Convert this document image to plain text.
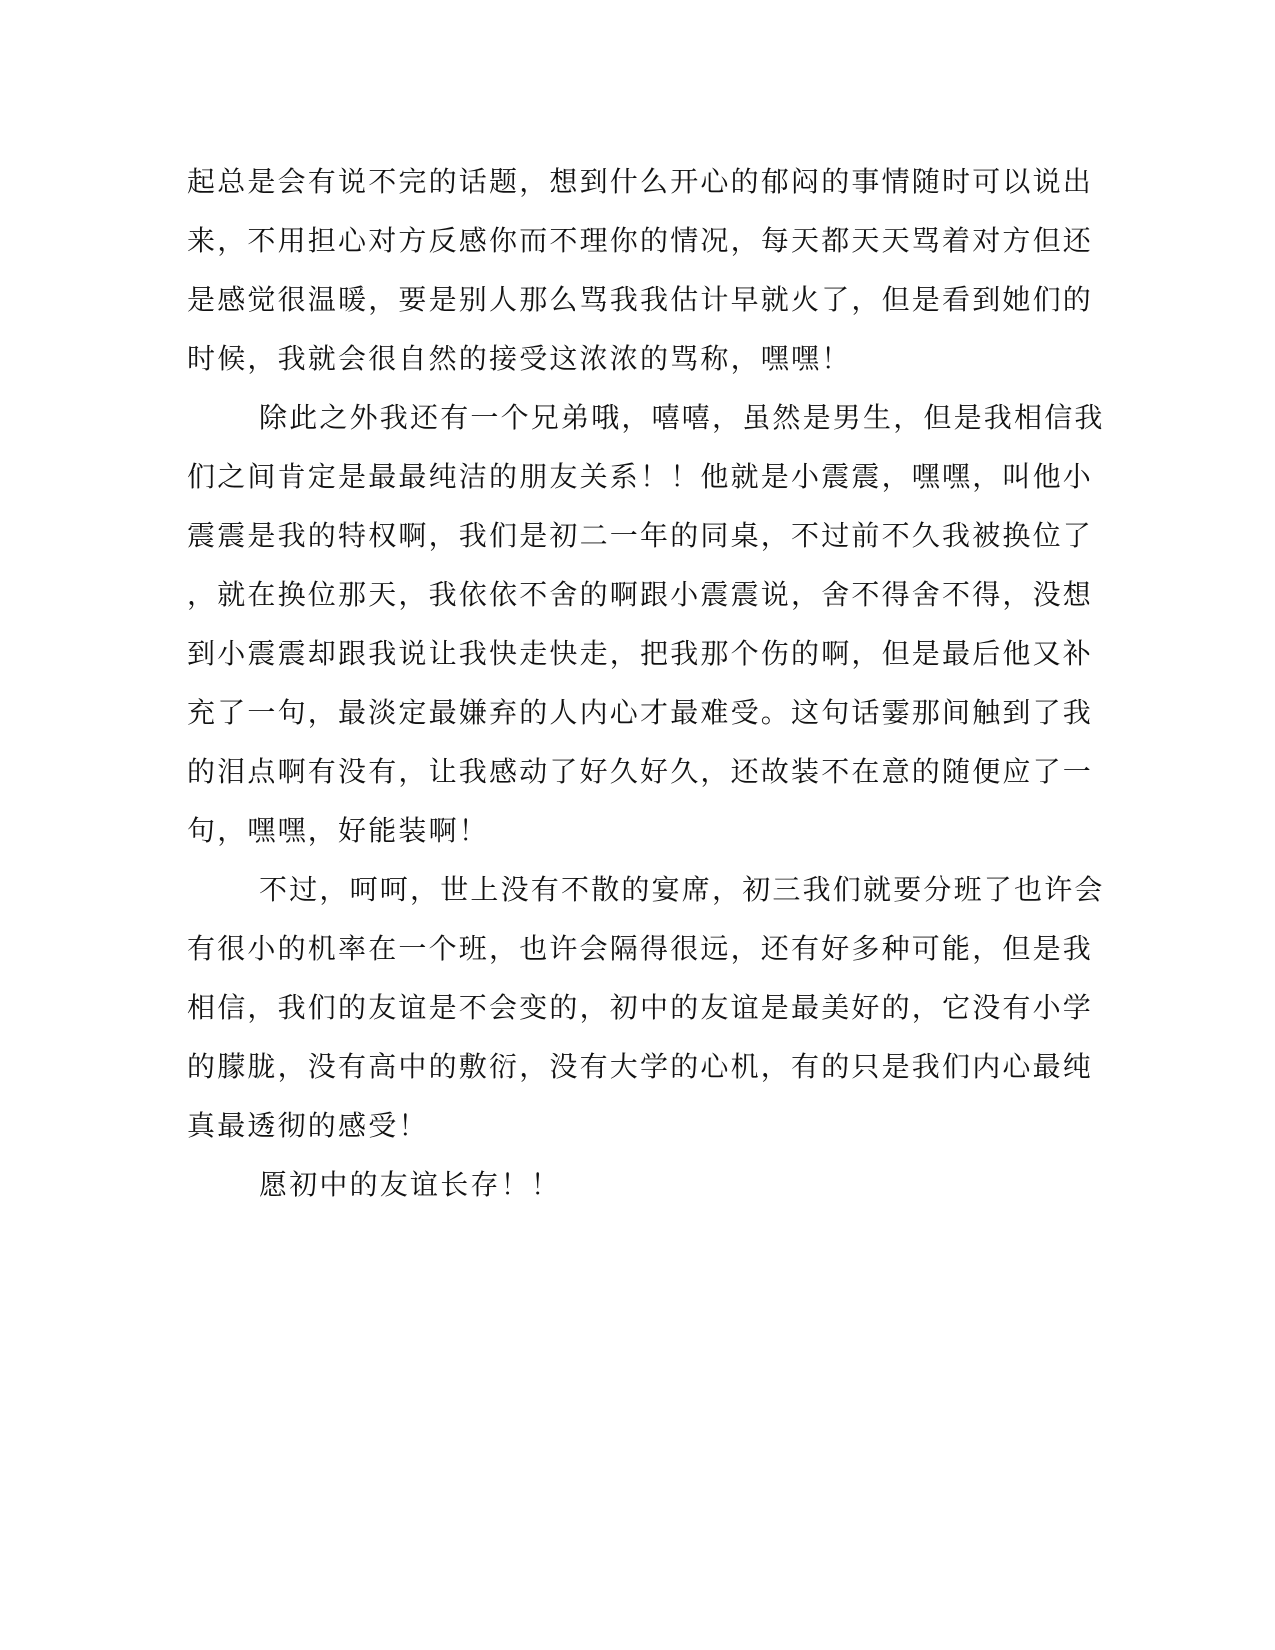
起总是会有说不完的话题，想到什么开心的郁闷的事情随时可以说出
来，不用担心对方反感你而不理你的情况，每天都天天骂着对方但还
是感觉很温暖，要是别人那么骂我我估计早就火了，但是看到她们的
时候，我就会很自然的接受这浓浓的骂称，嘿嘿！
除此之外我还有一个兄弟哦，嘻嘻，虽然是男生，但是我相信我
们之间肯定是最最纯洁的朋友关系！！他就是小震震，嘿嘿，叫他小
震震是我的特权啊，我们是初二一年的同桌，不过前不久我被换位了
，就在换位那天，我依依不舍的啊跟小震震说，舍不得舍不得，没想
到小震震却跟我说让我快走快走，把我那个伤的啊，但是最后他又补
充了一句，最淡定最嫌弃的人内心才最难受。这句话霎那间触到了我
的泪点啊有没有，让我感动了好久好久，还故装不在意的随便应了一
句，嘿嘿，好能装啊！
不过，呵呵，世上没有不散的宴席，初三我们就要分班了也许会
有很小的机率在一个班，也许会隔得很远，还有好多种可能，但是我
相信，我们的友谊是不会变的，初中的友谊是最美好的，它没有小学
的朦胧，没有高中的敷衍，没有大学的心机，有的只是我们内心最纯
真最透彻的感受！
愿初中的友谊长存！！
